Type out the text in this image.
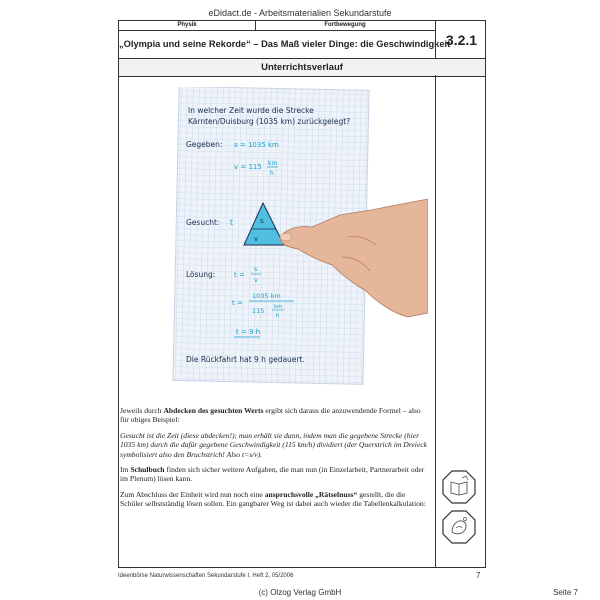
eDidact.de - Arbeitsmaterialien Sekundarstufe
Physik	Fortbewegung
„Olympia und seine Rekorde“ – Das Maß vieler Dinge: die Geschwindigkeit
3.2.1
Unterrichtsverlauf
In welcher Zeit wurde die Strecke
Kärnten/Duisburg (1035 km) zurückgelegt?
Gegeben: s = 1035 km
v = 115 km
h
Gesucht: t	s
v
Lösung:	t =
s
v
t =
1035 km
115 km
h
t = 9 h
Die Rückfahrt hat 9 h gedauert.

Jeweils durch Abdecken des gesuchten Werts ergibt sich daraus die anzuwendende Formel – also für obiges Beispiel:

Gesucht ist die Zeit (diese abdecken!); man erhält sie dann, indem man die gegebene Strecke (hier 1035 km) durch die dafür gegebene Geschwindigkeit (115 km/h) dividiert (der Querstrich im Dreieck symbolisiert also den Bruchstrich! Also t=s/v).

Im Schulbuch finden sich sicher weitere Aufgaben, die man nun (in Einzelarbeit, Partnerarbeit oder im Plenum) lösen kann.

Zum Abschluss der Einheit wird nun noch eine anspruchsvolle „Rätselnuss“ gestellt, die die Schüler selbstständig lösen sollen. Ein gangbarer Weg ist dabei auch wieder die Tabellenkalkulation:

Ideenbörse Naturwissenschaften Sekundarstufe I, Heft 2, 05/2006	7
(c) Olzog Verlag GmbH	Seite 7
